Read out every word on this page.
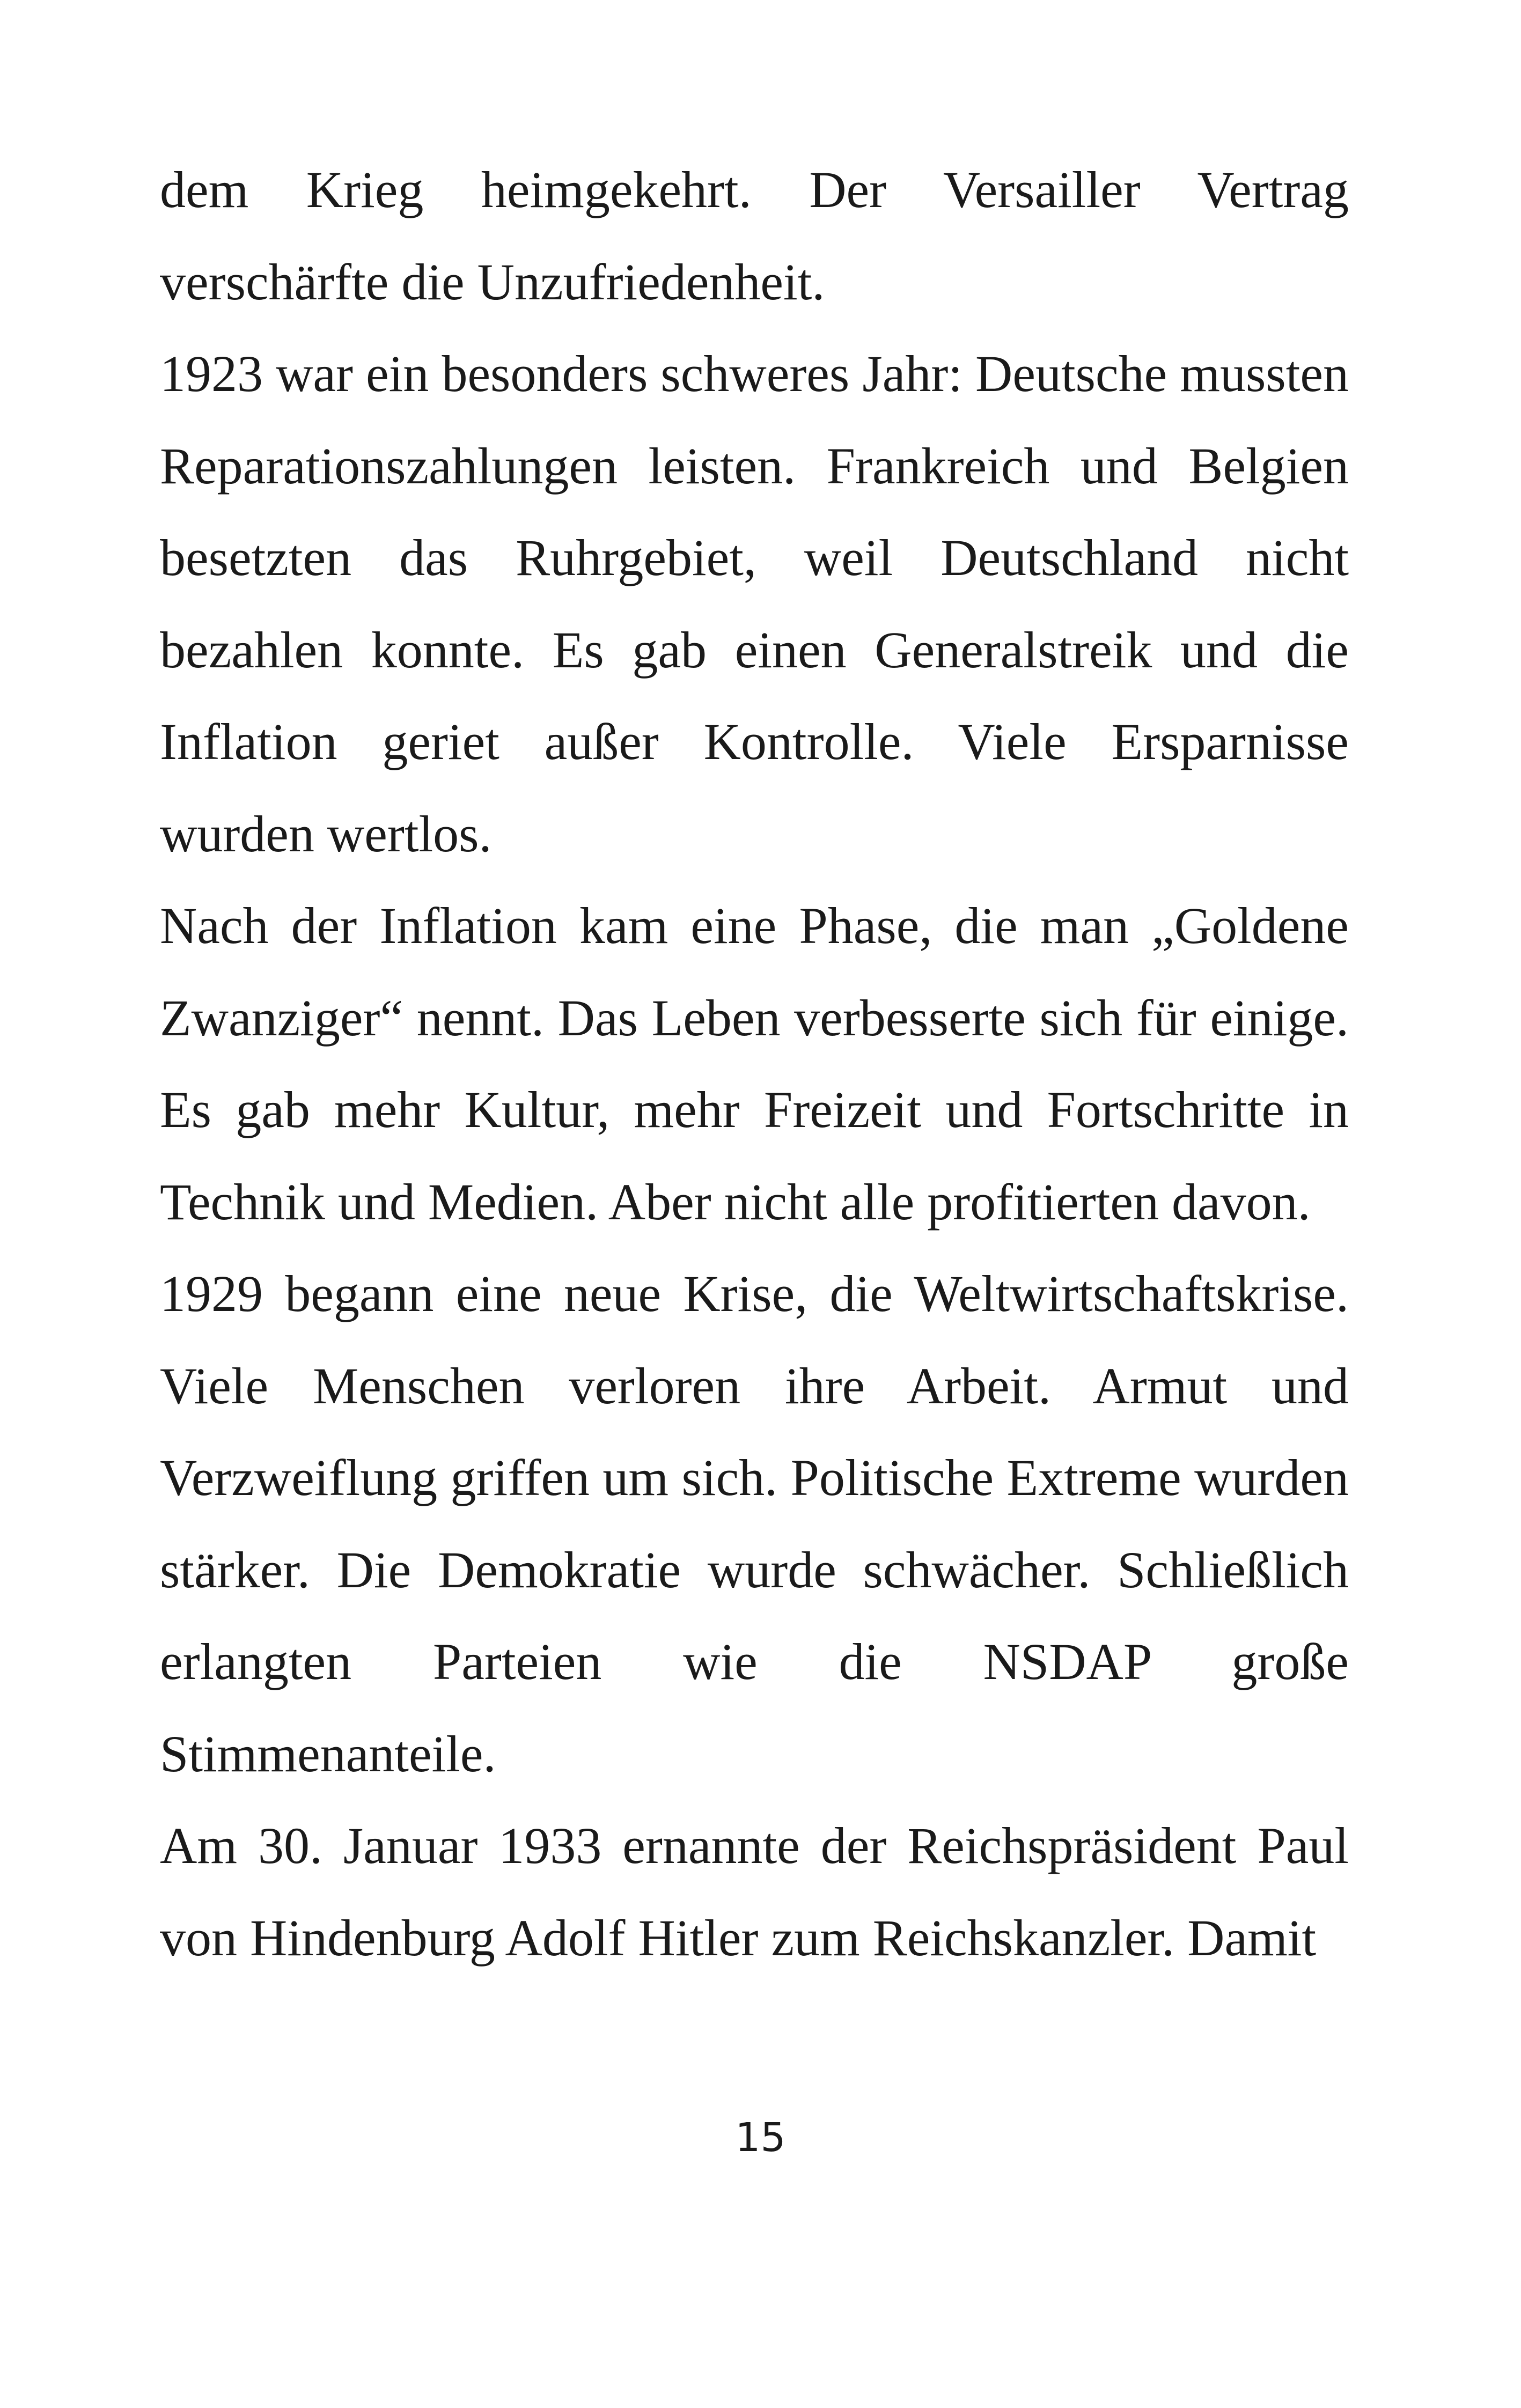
dem Krieg heimgekehrt. Der Versailler Vertrag verschärfte die Unzufriedenheit.

1923 war ein besonders schweres Jahr: Deutsche mussten Reparationszahlungen leisten. Frankreich und Belgien besetzten das Ruhrgebiet, weil Deutschland nicht bezahlen konnte. Es gab einen Generalstreik und die Inflation geriet außer Kontrolle. Viele Ersparnisse wurden wertlos.

Nach der Inflation kam eine Phase, die man „Goldene Zwanziger“ nennt. Das Leben verbesserte sich für einige. Es gab mehr Kultur, mehr Freizeit und Fortschritte in Technik und Medien. Aber nicht alle profitierten davon.

1929 begann eine neue Krise, die Weltwirtschaftskrise. Viele Menschen verloren ihre Arbeit. Armut und Verzweiflung griffen um sich. Politische Extreme wurden stärker. Die Demokratie wurde schwächer. Schließlich erlangten Parteien wie die NSDAP große Stimmenanteile.

Am 30. Januar 1933 ernannte der Reichspräsident Paul von Hindenburg Adolf Hitler zum Reichskanzler. Damit

15
